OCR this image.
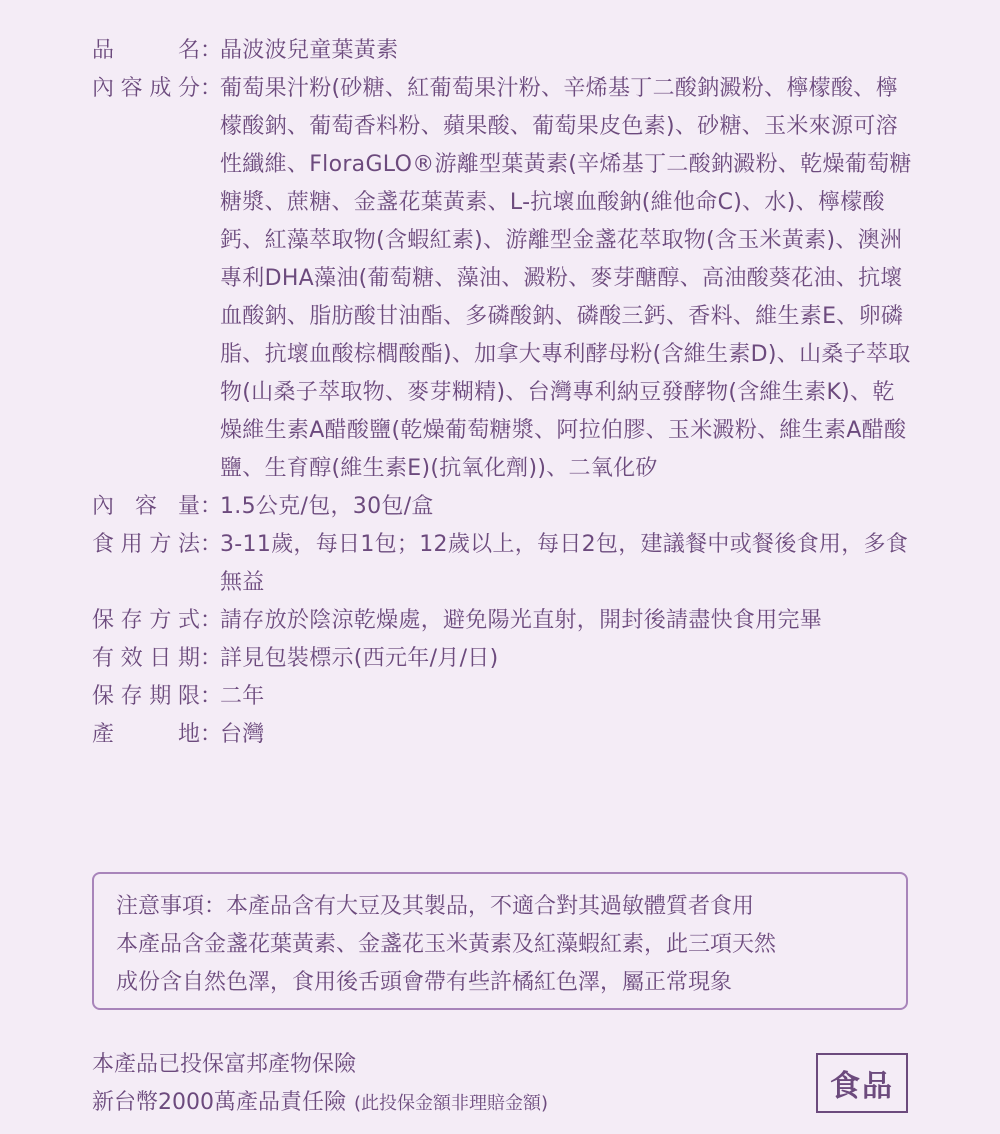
品	名 ：
晶波波兒童葉黃素
內 容 成 分 ：
葡萄果汁粉(砂糖、紅葡萄果汁粉、辛烯基丁二酸鈉澱粉、檸檬酸、檸檬酸鈉、葡萄香料粉、蘋果酸、葡萄果皮色素)、砂糖、玉米來源可溶性纖維、FloraGLO®游離型葉黃素(辛烯基丁二酸鈉澱粉、乾燥葡萄糖糖漿、蔗糖、金盞花葉黃素、L-抗壞血酸鈉(維他命C)、水)、檸檬酸鈣、紅藻萃取物(含蝦紅素)、游離型金盞花萃取物(含玉米黃素)、澳洲專利DHA藻油(葡萄糖、藻油、澱粉、麥芽醣醇、高油酸葵花油、抗壞血酸鈉、脂肪酸甘油酯、多磷酸鈉、磷酸三鈣、香料、維生素E、卵磷脂、抗壞血酸棕櫚酸酯)、加拿大專利酵母粉(含維生素D)、山桑子萃取物(山桑子萃取物、麥芽糊精)、台灣專利納豆發酵物(含維生素K)、乾燥維生素A醋酸鹽(乾燥葡萄糖漿、阿拉伯膠、玉米澱粉、維生素A醋酸鹽、生育醇(維生素E)(抗氧化劑))、二氧化矽
內 容 量 ：
1.5公克/包，30包/盒
食 用 方 法 ：
3-11歲，每日1包；12歲以上，每日2包，建議餐中或餐後食用，多食無益
保 存 方 式 ：
請存放於陰涼乾燥處，避免陽光直射，開封後請盡快食用完畢
有 效 日 期 ：
詳見包裝標示(西元年/月/日)
保 存 期 限 ：
二年
產	地 ：
台灣
注意事項：本產品含有大豆及其製品，不適合對其過敏體質者食用
本產品含金盞花葉黃素、金盞花玉米黃素及紅藻蝦紅素，此三項天然
成份含自然色澤，食用後舌頭會帶有些許橘紅色澤，屬正常現象
本產品已投保富邦產物保險
新台幣2000萬產品責任險 (此投保金額非理賠金額)	食品
